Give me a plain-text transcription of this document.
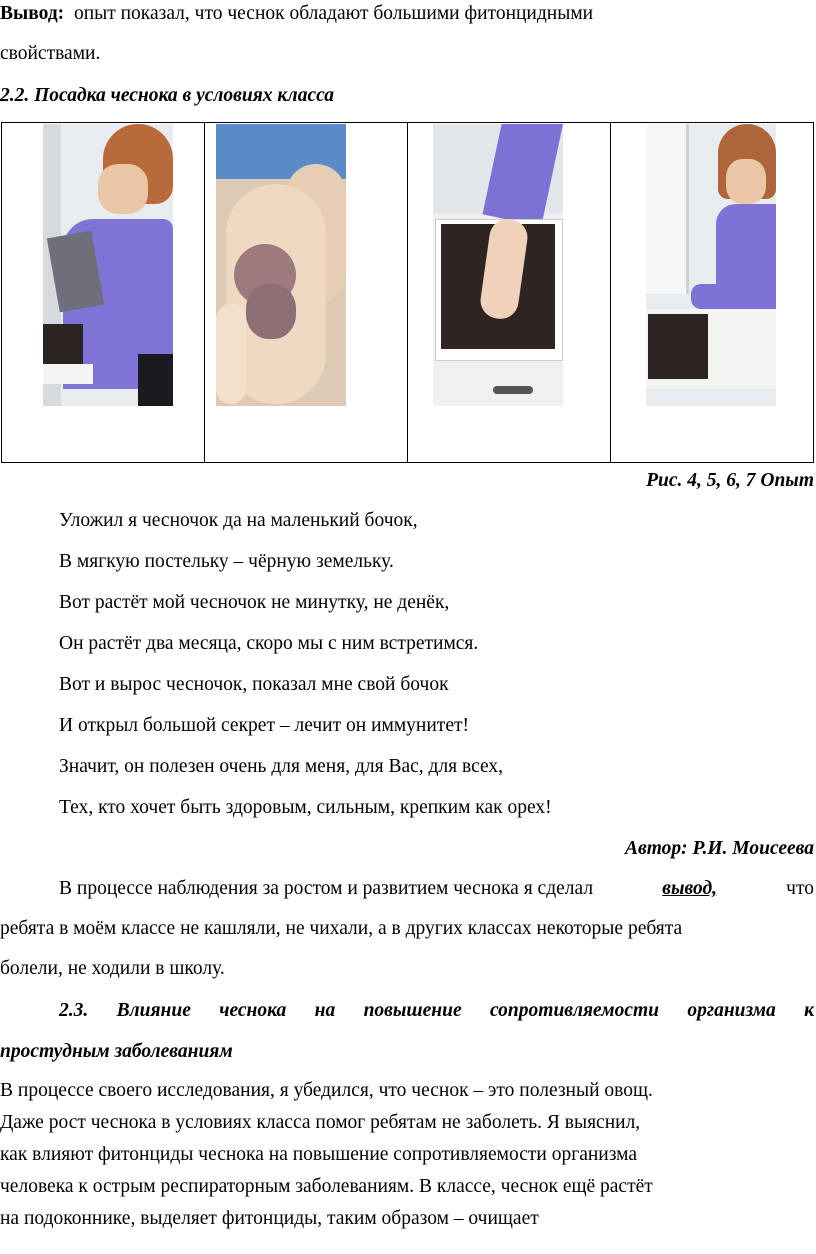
Вывод: опыт показал, что чеснок обладают большими фитонцидными
свойствами.
2.2. Посадка чеснока в условиях класса
Рис. 4, 5, 6, 7 Опыт
Уложил я чесночок да на маленький бочок,
В мягкую постельку – чёрную земельку.
Вот растёт мой чесночок не минутку, не денёк,
Он растёт два месяца, скоро мы с ним встретимся.
Вот и вырос чесночок, показал мне свой бочок
И открыл большой секрет – лечит он иммунитет!
Значит, он полезен очень для меня, для Вас, для всех,
Тех, кто хочет быть здоровым, сильным, крепким как орех!
Автор: Р.И. Моисеева
В процессе наблюдения за ростом и развитием чеснока я сделал	вывод,	что
ребята в моём классе не кашляли, не чихали, а в других классах некоторые ребята
болели, не ходили в школу.
2.3. Влияние чеснока на повышение сопротивляемости организма к
простудным заболеваниям
В процессе своего исследования, я убедился, что чеснок – это полезный овощ.
Даже рост чеснока в условиях класса помог ребятам не заболеть. Я выяснил,
как влияют фитонциды чеснока на повышение сопротивляемости организма
человека к острым респираторным заболеваниям. В классе, чеснок ещё растёт
на подоконнике, выделяет фитонциды, таким образом – очищает
